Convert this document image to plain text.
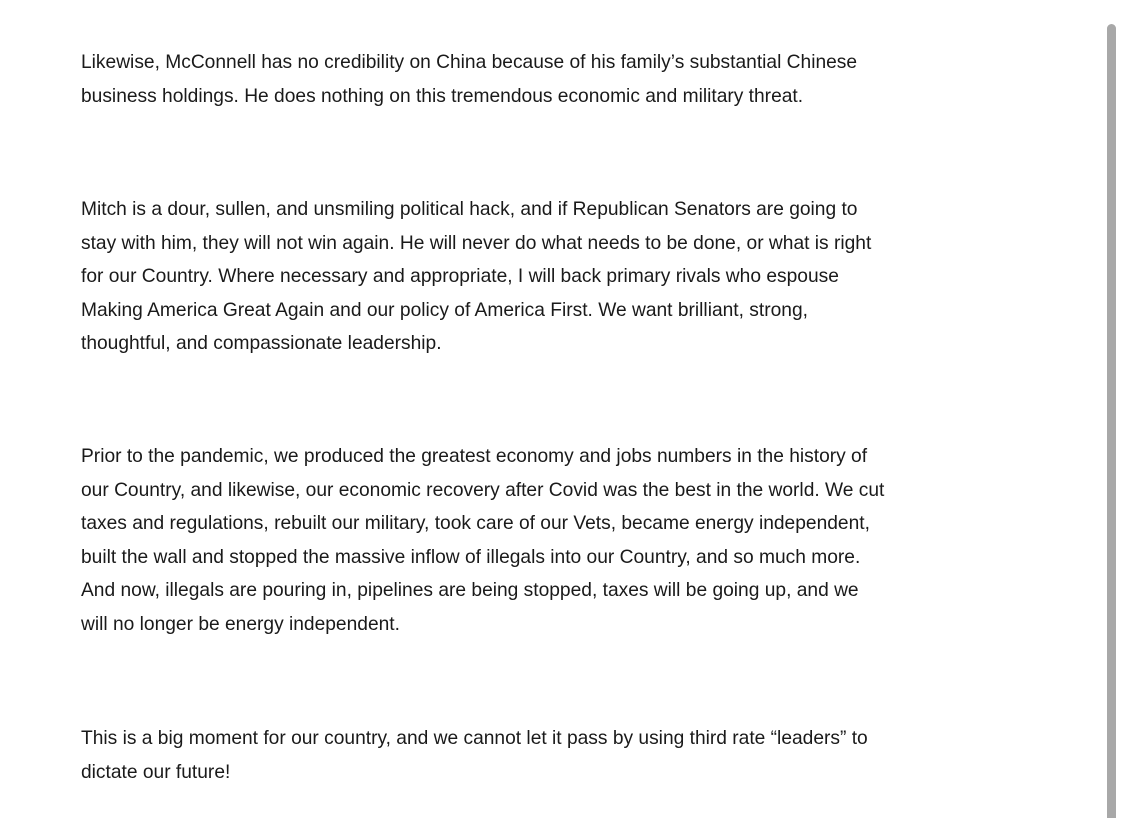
Likewise, McConnell has no credibility on China because of his family’s substantial Chinese
business holdings. He does nothing on this tremendous economic and military threat.

Mitch is a dour, sullen, and unsmiling political hack, and if Republican Senators are going to
stay with him, they will not win again. He will never do what needs to be done, or what is right
for our Country. Where necessary and appropriate, I will back primary rivals who espouse
Making America Great Again and our policy of America First. We want brilliant, strong,
thoughtful, and compassionate leadership.

Prior to the pandemic, we produced the greatest economy and jobs numbers in the history of
our Country, and likewise, our economic recovery after Covid was the best in the world. We cut
taxes and regulations, rebuilt our military, took care of our Vets, became energy independent,
built the wall and stopped the massive inflow of illegals into our Country, and so much more.
And now, illegals are pouring in, pipelines are being stopped, taxes will be going up, and we
will no longer be energy independent.

This is a big moment for our country, and we cannot let it pass by using third rate “leaders” to
dictate our future!
